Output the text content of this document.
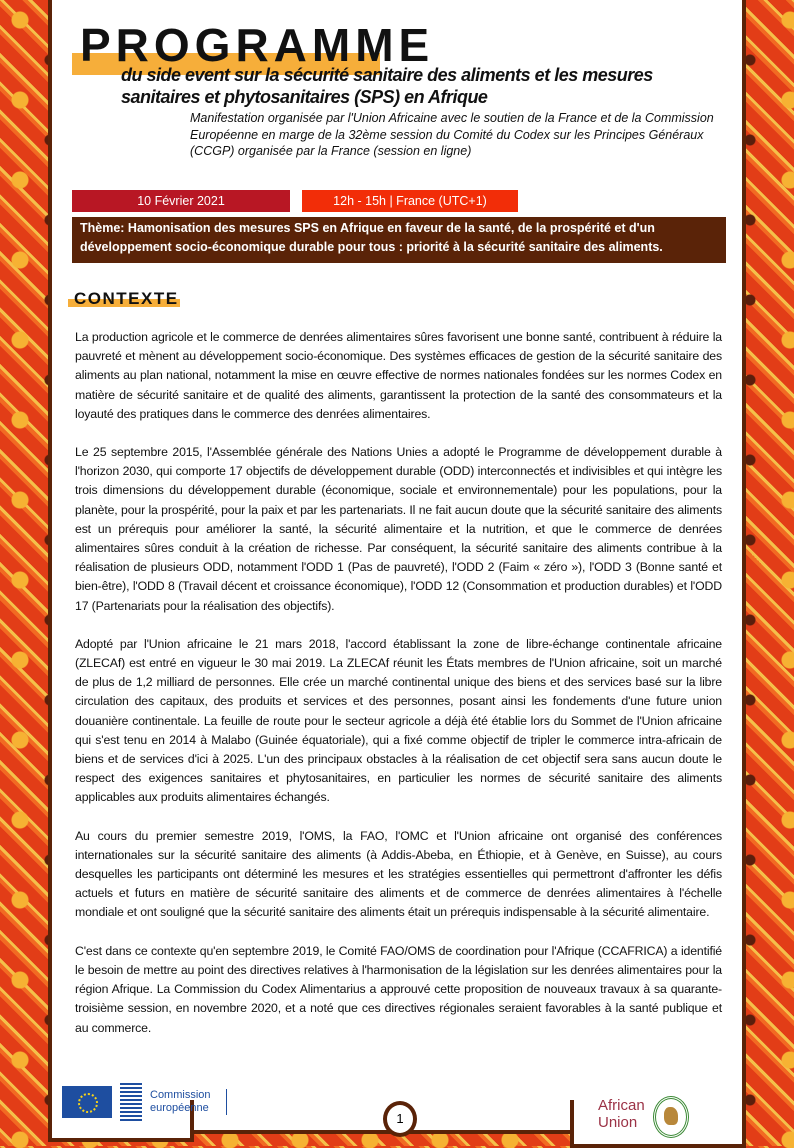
PROGRAMME
du side event sur la sécurité sanitaire des aliments et les mesures sanitaires et phytosanitaires (SPS) en Afrique
Manifestation organisée par l'Union Africaine avec le soutien de la France et de la Commission Européenne en marge de la 32ème session du Comité du Codex sur les Principes Généraux (CCGP) organisée par la France (session en ligne)
10 Février 2021	12h - 15h | France (UTC+1)
Thème: Hamonisation des mesures SPS en Afrique en faveur de la santé, de la prospérité et d'un développement socio-économique durable pour tous : priorité à la sécurité sanitaire des aliments.
CONTEXTE

La production agricole et le commerce de denrées alimentaires sûres favorisent une bonne santé, contribuent à réduire la pauvreté et mènent au développement socio-économique. Des systèmes efficaces de gestion de la sécurité sanitaire des aliments au plan national, notamment la mise en œuvre effective de normes nationales fondées sur les normes Codex en matière de sécurité sanitaire et de qualité des aliments, garantissent la protection de la santé des consommateurs et la loyauté des pratiques dans le commerce des denrées alimentaires.

Le 25 septembre 2015, l'Assemblée générale des Nations Unies a adopté le Programme de développement durable à l'horizon 2030, qui comporte 17 objectifs de développement durable (ODD) interconnectés et indivisibles et qui intègre les trois dimensions du développement durable (économique, sociale et environnementale) pour les populations, pour la planète, pour la prospérité, pour la paix et par les partenariats. Il ne fait aucun doute que la sécurité sanitaire des aliments est un prérequis pour améliorer la santé, la sécurité alimentaire et la nutrition, et que le commerce de denrées alimentaires sûres conduit à la création de richesse. Par conséquent, la sécurité sanitaire des aliments contribue à la réalisation de plusieurs ODD, notamment l'ODD 1 (Pas de pauvreté), l'ODD 2 (Faim « zéro »), l'ODD 3 (Bonne santé et bien-être), l'ODD 8 (Travail décent et croissance économique), l'ODD 12 (Consommation et production durables) et l'ODD 17 (Partenariats pour la réalisation des objectifs).

Adopté par l'Union africaine le 21 mars 2018, l'accord établissant la zone de libre-échange continentale africaine (ZLECAf) est entré en vigueur le 30 mai 2019. La ZLECAf réunit les États membres de l'Union africaine, soit un marché de plus de 1,2 milliard de personnes. Elle crée un marché continental unique des biens et des services basé sur la libre circulation des capitaux, des produits et services et des personnes, posant ainsi les fondements d'une future union douanière continentale. La feuille de route pour le secteur agricole a déjà été établie lors du Sommet de l'Union africaine qui s'est tenu en 2014 à Malabo (Guinée équatoriale), qui a fixé comme objectif de tripler le commerce intra-africain de biens et de services d'ici à 2025. L'un des principaux obstacles à la réalisation de cet objectif sera sans aucun doute le respect des exigences sanitaires et phytosanitaires, en particulier les normes de sécurité sanitaire des aliments applicables aux produits alimentaires échangés.

Au cours du premier semestre 2019, l'OMS, la FAO, l'OMC et l'Union africaine ont organisé des conférences internationales sur la sécurité sanitaire des aliments (à Addis-Abeba, en Éthiopie, et à Genève, en Suisse), au cours desquelles les participants ont déterminé les mesures et les stratégies essentielles qui permettront d'affronter les défis actuels et futurs en matière de sécurité sanitaire des aliments et de commerce de denrées alimentaires à l'échelle mondiale et ont souligné que la sécurité sanitaire des aliments était un prérequis indispensable à la sécurité alimentaire.

C'est dans ce contexte qu'en septembre 2019, le Comité FAO/OMS de coordination pour l'Afrique (CCAFRICA) a identifié le besoin de mettre au point des directives relatives à l'harmonisation de la législation sur les denrées alimentaires pour la région Afrique. La Commission du Codex Alimentarius a approuvé cette proposition de nouveaux travaux à sa quarante-troisième session, en novembre 2020, et a noté que ces directives régionales seraient favorables à la santé publique et au commerce.

Commission européenne
1
African Union
